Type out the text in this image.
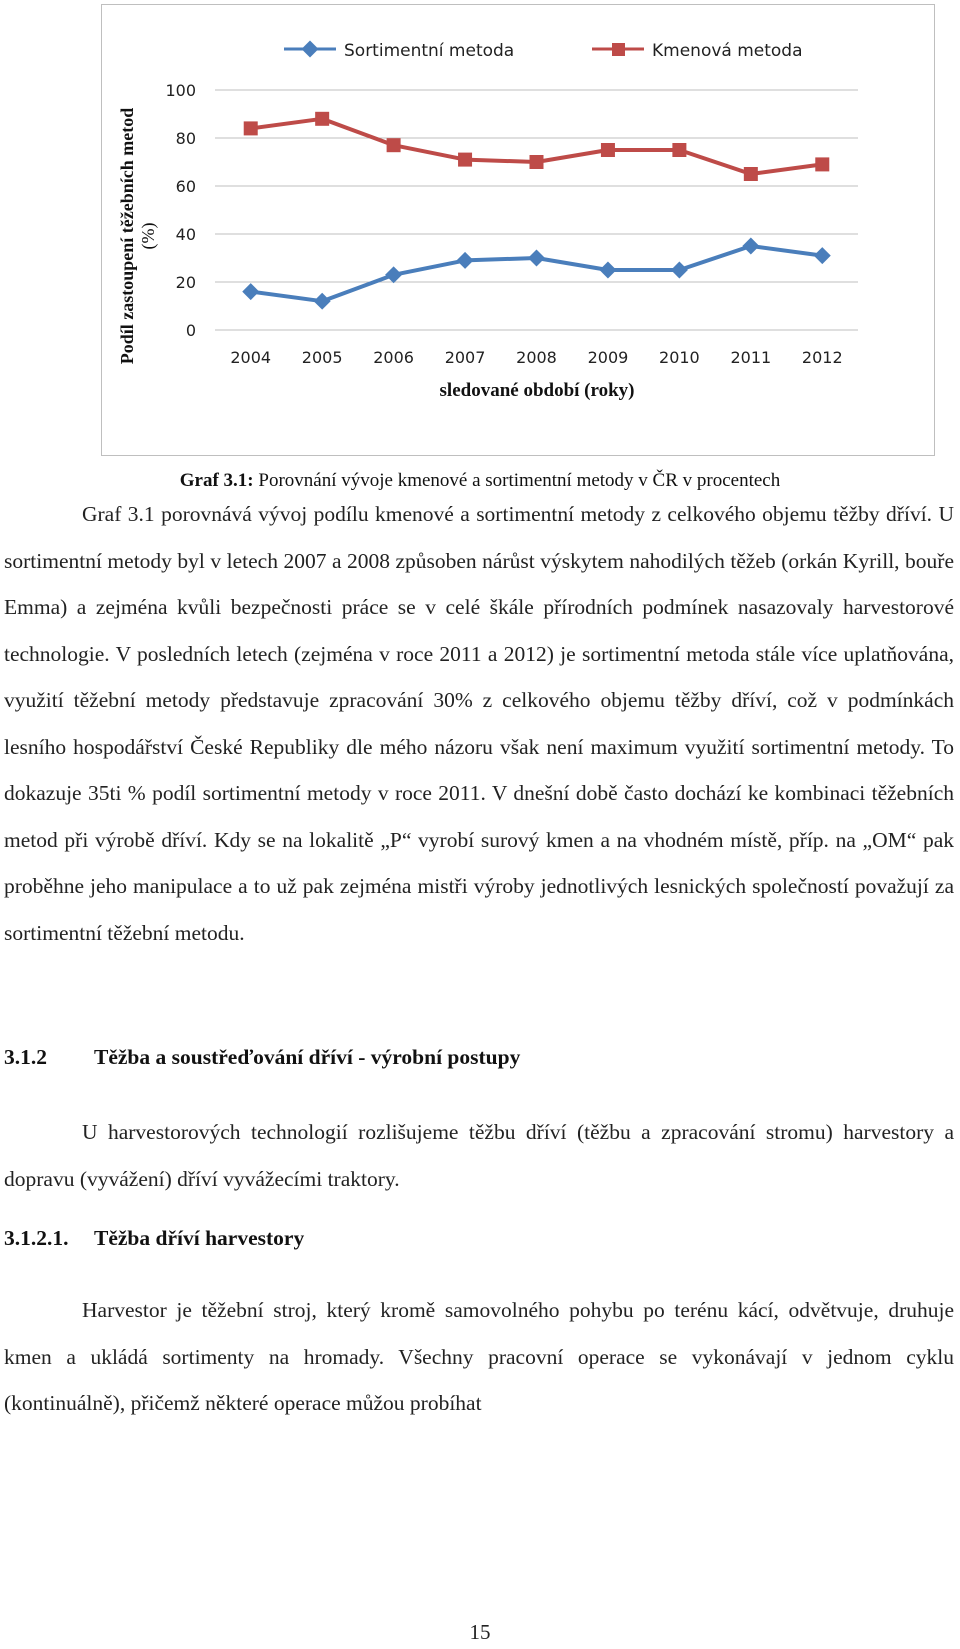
0
20
40
60
80
100
2004 2005 2006 2007 2008 2009 2010 2011 2012
Sortimentní metoda	Kmenová metoda
Podíl zastoupení těžebních metod (%)
sledované období (roky)
Graf 3.1: Porovnání vývoje kmenové a sortimentní metody v ČR v procentech

Graf 3.1 porovnává vývoj podílu kmenové a sortimentní metody z celkového objemu těžby dříví. U sortimentní metody byl v letech 2007 a 2008 způsoben nárůst výskytem nahodilých těžeb (orkán Kyrill, bouře Emma) a zejména kvůli bezpečnosti práce se v celé škále přírodních podmínek nasazovaly harvestorové technologie. V posledních letech (zejména v roce 2011 a 2012) je sortimentní metoda stále více uplatňována, využití těžební metody představuje zpracování 30% z celkového objemu těžby dříví, což v podmínkách lesního hospodářství České Republiky dle mého názoru však není maximum využití sortimentní metody. To dokazuje 35ti % podíl sortimentní metody v roce 2011. V dnešní době často dochází ke kombinaci těžebních metod při výrobě dříví. Kdy se na lokalitě „P“ vyrobí surový kmen a na vhodném místě, příp. na „OM“ pak proběhne jeho manipulace a to už pak zejména mistři výroby jednotlivých lesnických společností považují za sortimentní těžební metodu.

3.1.2 Těžba a soustřeďování dříví - výrobní postupy

U harvestorových technologií rozlišujeme těžbu dříví (těžbu a zpracování stromu) harvestory a dopravu (vyvážení) dříví vyvážecími traktory.

3.1.2.1. Těžba dříví harvestory

Harvestor je těžební stroj, který kromě samovolného pohybu po terénu kácí, odvětvuje, druhuje kmen a ukládá sortimenty na hromady. Všechny pracovní operace se vykonávají v jednom cyklu (kontinuálně), přičemž některé operace můžou probíhat

15
